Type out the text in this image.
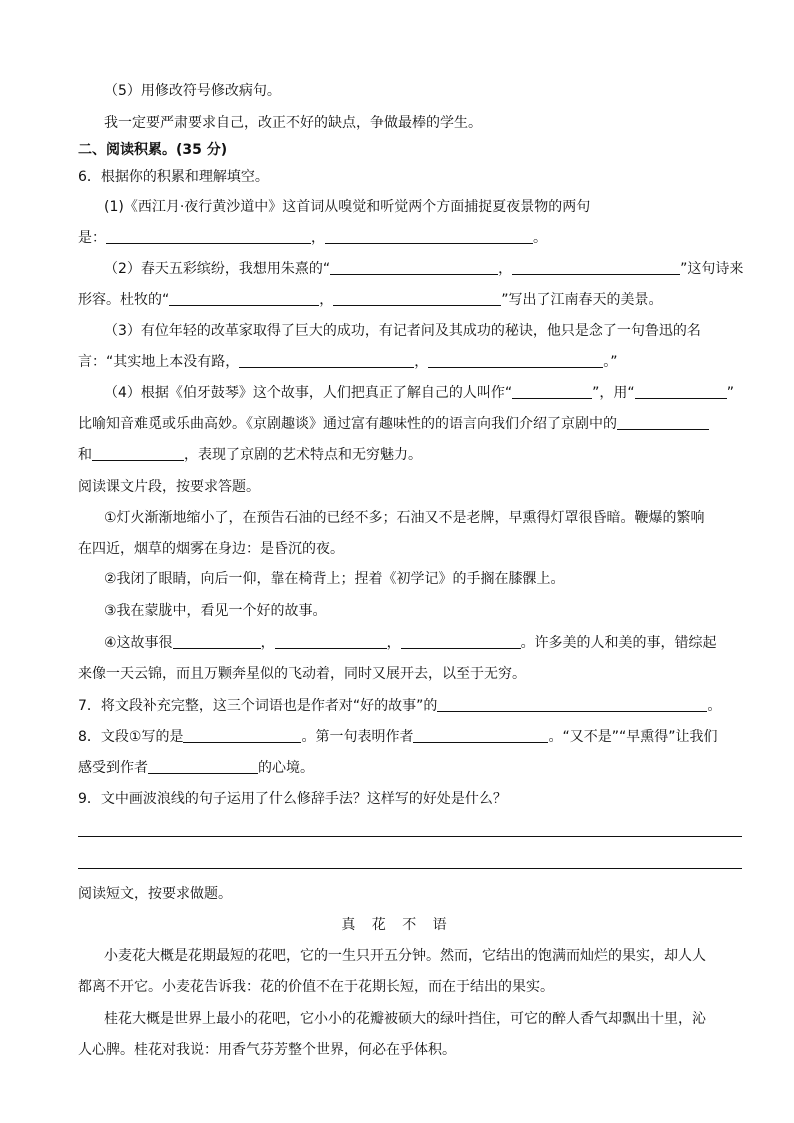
（5）用修改符号修改病句。
我一定要严肃要求自己，改正不好的缺点，争做最棒的学生。
二、阅读积累。(35 分)
6．根据你的积累和理解填空。
(1)《西江月·夜行黄沙道中》这首词从嗅觉和听觉两个方面捕捉夏夜景物的两句
是：	，	。
（2）春天五彩缤纷，我想用朱熹的“	，	”这句诗来
形容。杜牧的“	，	”写出了江南春天的美景。
（3）有位年轻的改革家取得了巨大的成功，有记者问及其成功的秘诀，他只是念了一句鲁迅的名
言：“其实地上本没有路，	，	。”
（4）根据《伯牙鼓琴》这个故事，人们把真正了解自己的人叫作“	”，用“	”
比喻知音难觅或乐曲高妙。《京剧趣谈》通过富有趣味性的的语言向我们介绍了京剧中的
和	，表现了京剧的艺术特点和无穷魅力。
阅读课文片段，按要求答题。
①灯火渐渐地缩小了，在预告石油的已经不多；石油又不是老牌，早熏得灯罩很昏暗。鞭爆的繁响
在四近，烟草的烟雾在身边：是昏沉的夜。
②我闭了眼睛，向后一仰，靠在椅背上；捏着《初学记》的手搁在膝髁上。
③我在蒙胧中，看见一个好的故事。
④这故事很	，	，	。许多美的人和美的事，错综起
来像一天云锦，而且万颗奔星似的飞动着，同时又展开去，以至于无穷。
7．将文段补充完整，这三个词语也是作者对“好的故事”的	。
8．文段①写的是	。第一句表明作者	。“又不是”“早熏得”让我们
感受到作者	的心境。
9．文中画波浪线的句子运用了什么修辞手法？这样写的好处是什么？
阅读短文，按要求做题。
真 花 不 语
小麦花大概是花期最短的花吧，它的一生只开五分钟。然而，它结出的饱满而灿烂的果实，却人人
都离不开它。小麦花告诉我：花的价值不在于花期长短，而在于结出的果实。
桂花大概是世界上最小的花吧，它小小的花瓣被硕大的绿叶挡住，可它的醉人香气却飘出十里，沁
人心脾。桂花对我说：用香气芬芳整个世界，何必在乎体积。
